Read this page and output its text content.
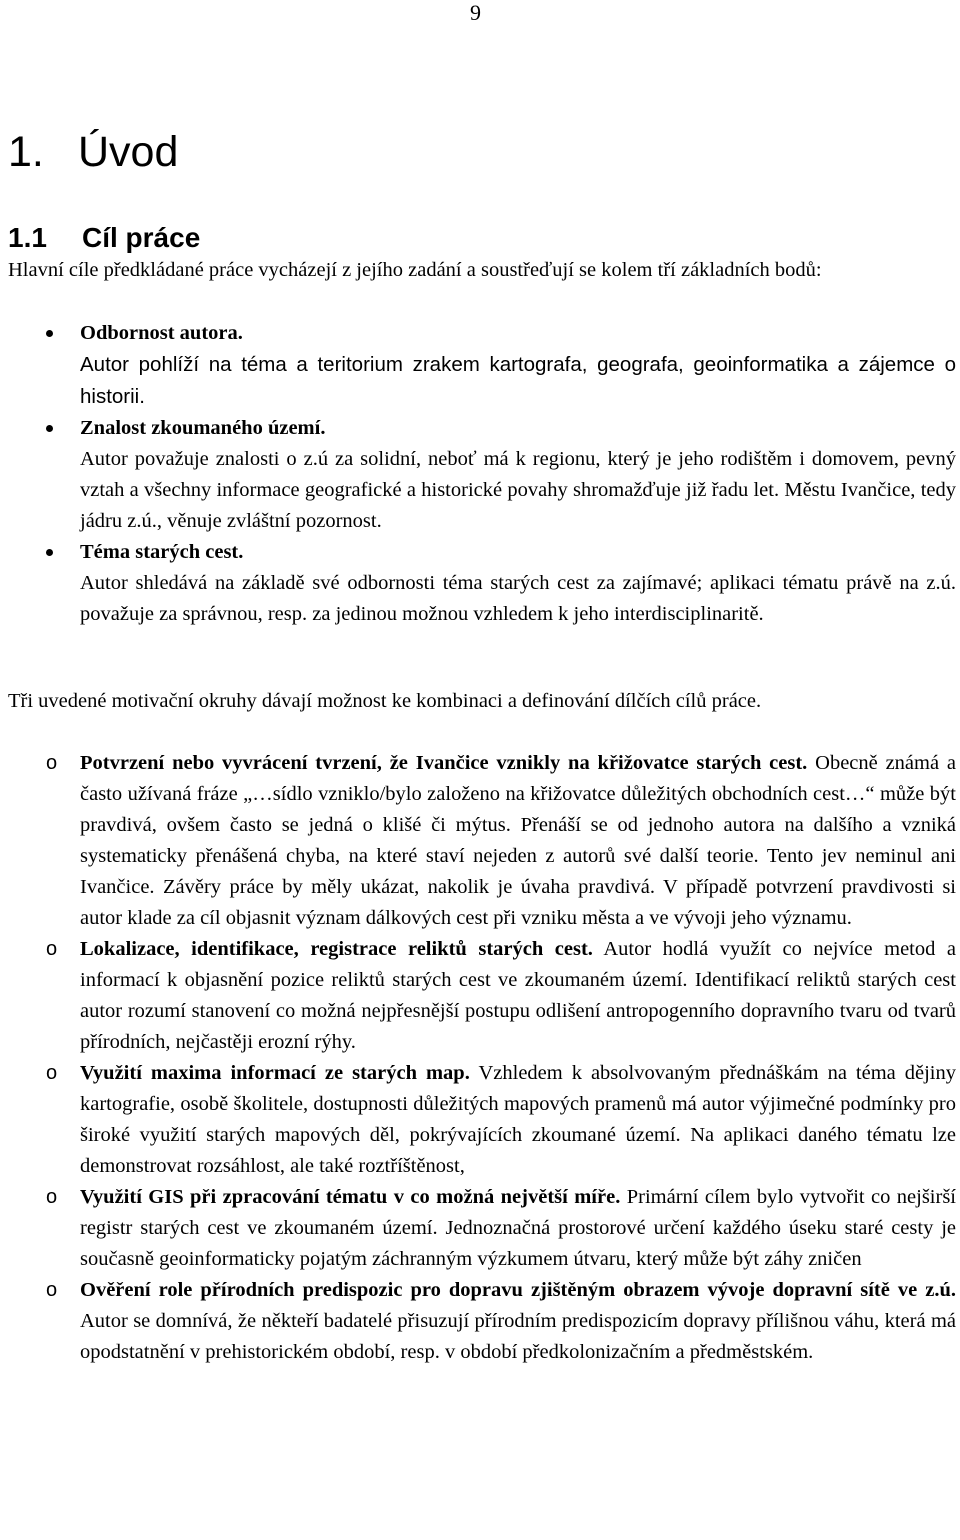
9
1. Úvod
1.1 Cíl práce
Hlavní cíle předkládané práce vycházejí z jejího zadání a soustřeďují se kolem tří základních bodů:
Odbornost autora.
Autor pohlíží na téma a teritorium zrakem kartografa, geografa, geoinformatika a zájemce o historii.
Znalost zkoumaného území.
Autor považuje znalosti o z.ú za solidní, neboť má k regionu, který je jeho rodištěm i domovem, pevný vztah a všechny informace geografické a historické povahy shromažďuje již řadu let. Městu Ivančice, tedy jádru z.ú., věnuje zvláštní pozornost.
Téma starých cest.
Autor shledává na základě své odbornosti téma starých cest za zajímavé; aplikaci tématu právě na z.ú. považuje za správnou, resp. za jedinou možnou vzhledem k jeho interdisciplinaritě.
Tři uvedené motivační okruhy dávají možnost ke kombinaci a definování dílčích cílů práce.
o Potvrzení nebo vyvrácení tvrzení, že Ivančice vznikly na křižovatce starých cest. Obecně známá a často užívaná fráze „…sídlo vzniklo/bylo založeno na křižovatce důležitých obchodních cest…“ může být pravdivá, ovšem často se jedná o klišé či mýtus. Přenáší se od jednoho autora na dalšího a vzniká systematicky přenášená chyba, na které staví nejeden z autorů své další teorie. Tento jev neminul ani Ivančice. Závěry práce by měly ukázat, nakolik je úvaha pravdivá. V případě potvrzení pravdivosti si autor klade za cíl objasnit význam dálkových cest při vzniku města a ve vývoji jeho významu.
o Lokalizace, identifikace, registrace reliktů starých cest. Autor hodlá využít co nejvíce metod a informací k objasnění pozice reliktů starých cest ve zkoumaném území. Identifikací reliktů starých cest autor rozumí stanovení co možná nejpřesnější postupu odlišení antropogenního dopravního tvaru od tvarů přírodních, nejčastěji erozní rýhy.
o Využití maxima informací ze starých map. Vzhledem k absolvovaným přednáškám na téma dějiny kartografie, osobě školitele, dostupnosti důležitých mapových pramenů má autor výjimečné podmínky pro široké využití starých mapových děl, pokrývajících zkoumané území. Na aplikaci daného tématu lze demonstrovat rozsáhlost, ale také roztříštěnost,
o Využití GIS při zpracování tématu v co možná největší míře. Primární cílem bylo vytvořit co nejširší registr starých cest ve zkoumaném území. Jednoznačná prostorové určení každého úseku staré cesty je současně geoinformaticky pojatým záchranným výzkumem útvaru, který může být záhy zničen
o Ověření role přírodních predispozic pro dopravu zjištěným obrazem vývoje dopravní sítě ve z.ú. Autor se domnívá, že někteří badatelé přisuzují přírodním predispozicím dopravy přílišnou váhu, která má opodstatnění v prehistorickém období, resp. v období předkolonizačním a předměstském.
